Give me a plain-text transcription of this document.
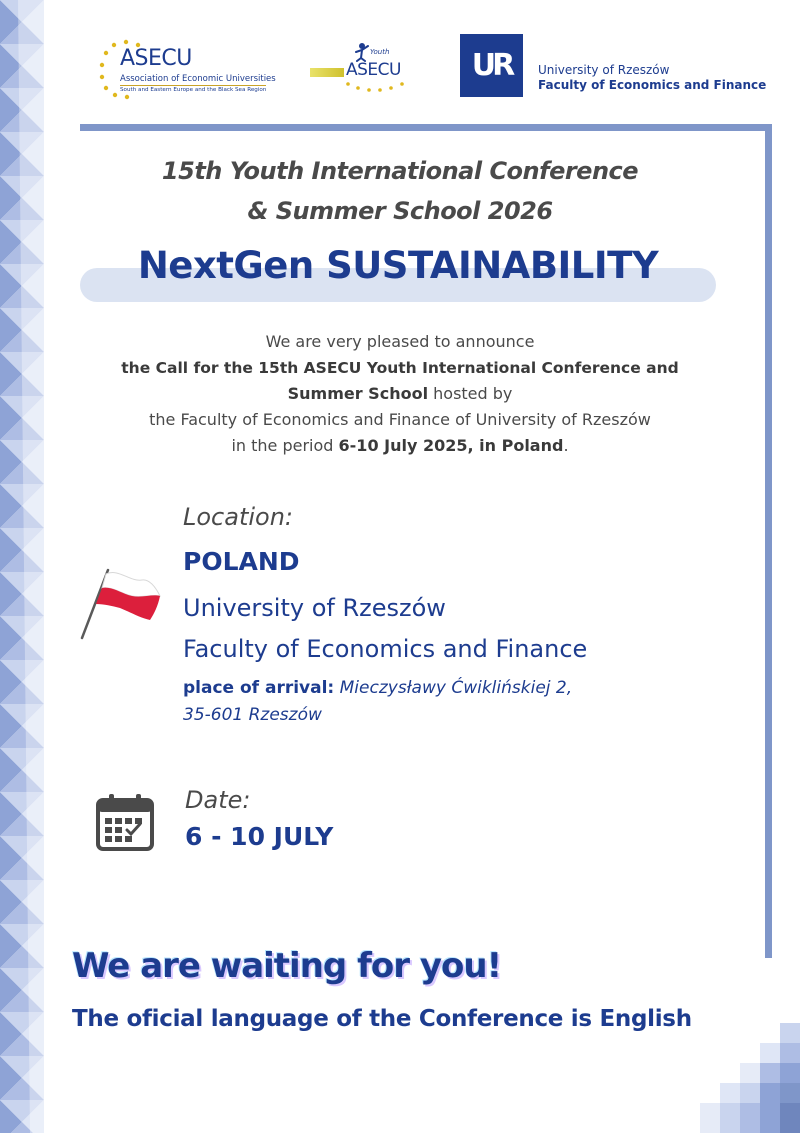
ASECU
Association of Economic Universities
South and Eastern Europe and the Black Sea Region
Youth
ASECU	UR	University of Rzeszów
Faculty of Economics and Finance
15th Youth International Conference
& Summer School 2026
NextGen SUSTAINABILITY
We are very pleased to announce
the Call for the 15th ASECU Youth International Conference and
Summer School hosted by
the Faculty of Economics and Finance of University of Rzeszów
in the period 6-10 July 2025, in Poland.
Location:
POLAND
University of Rzeszów
Faculty of Economics and Finance
place of arrival: Mieczysławy Ćwiklińskiej 2,
35-601 Rzeszów
Date:
6 - 10 JULY
We are waiting for you!
The oficial language of the Conference is English
